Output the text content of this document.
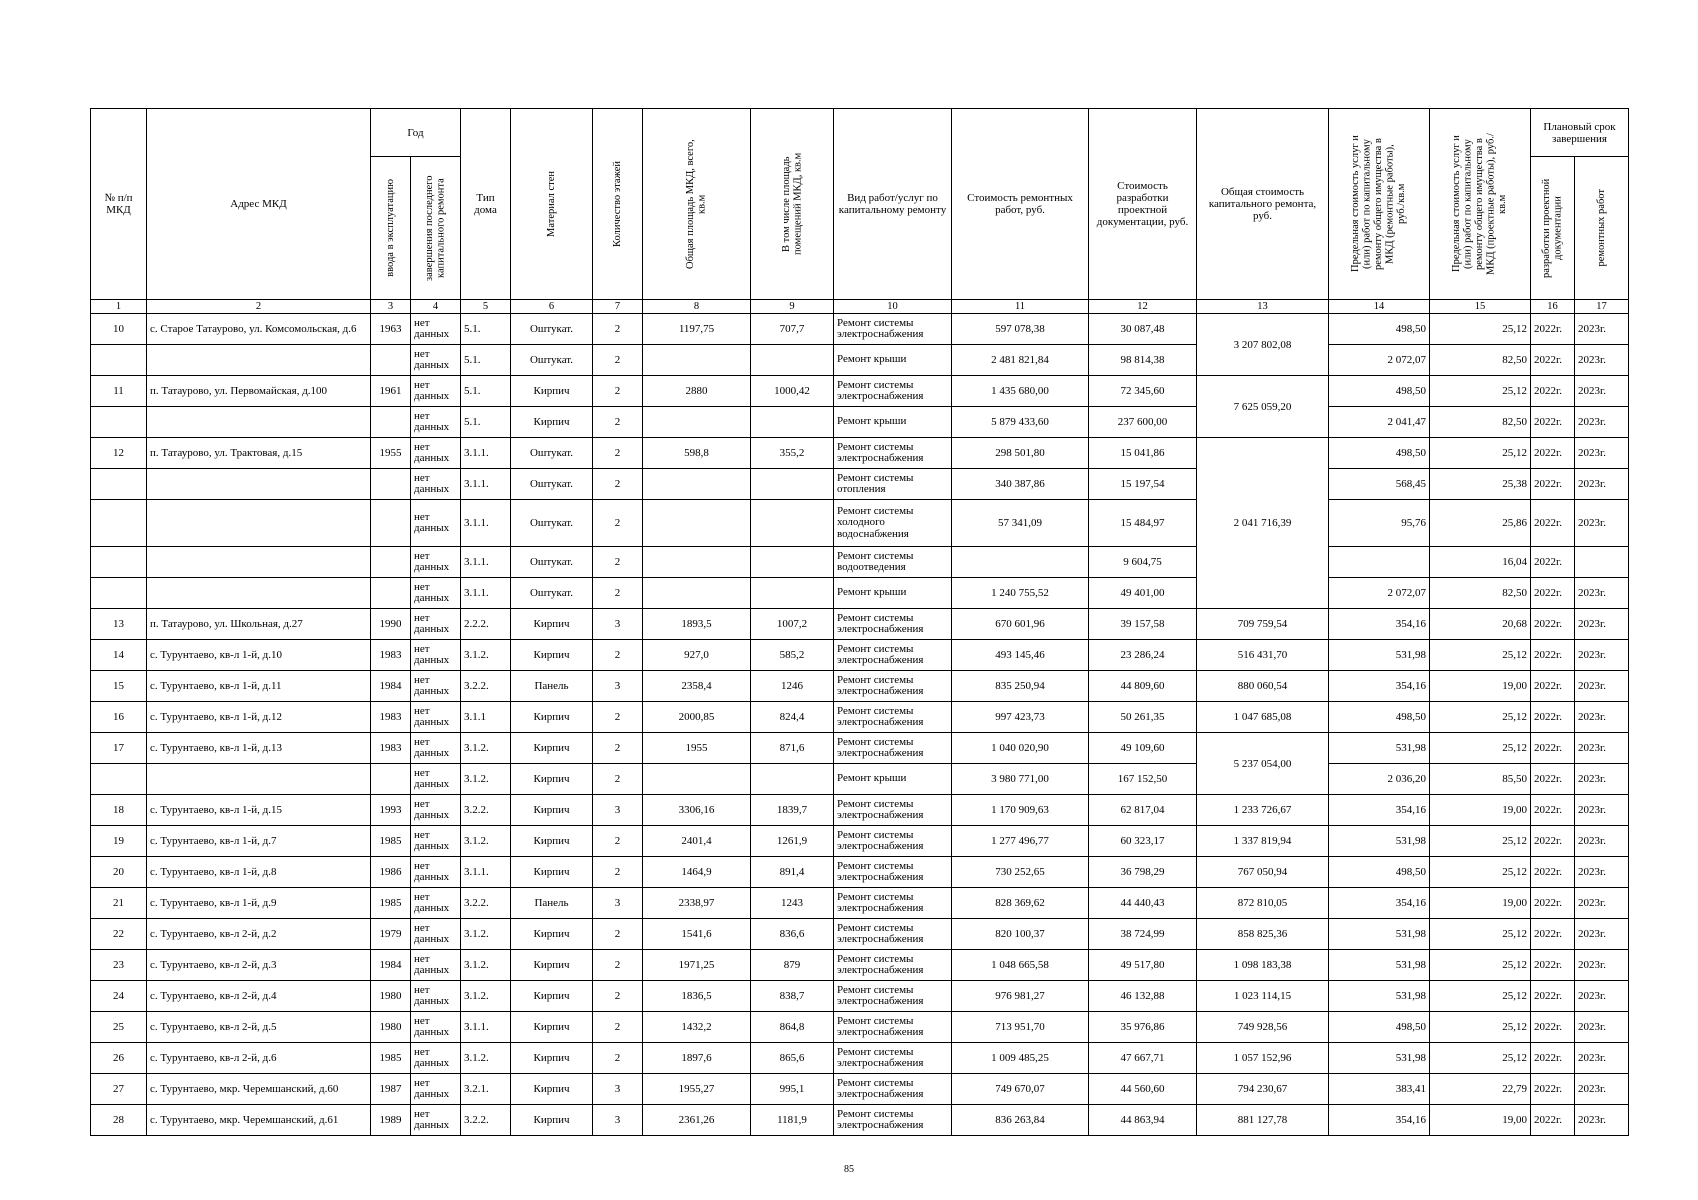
№ п/п МКД	Адрес МКД	Год		Тип дома	Материал стен	Количество этажей	Общая площадь МКД, всего, кв.м	В том числе площадь помещений МКД, кв.м	Вид работ/услуг по капитальному ремонту	Стоимость ремонтных работ, руб.	Стоимость разработки проектной документации, руб.	Общая стоимость капитального ремонта, руб.	Предельная стоимость услуг и (или) работ по капитальному ремонту общего имущества в МКД (ремонтные работы), руб./кв.м	Предельная стоимость услуг и (или) работ по капитальному ремонту общего имущества в МКД (проектные работы), руб./кв.м	Плановый срок завершения	

		ввода в эксплуатацию	завершения последнего капитального ремонта												разработки проектной документации	ремонтных работ

1	2	3	4	5	6	7	8	9	10	11	12	13	14	15	16	17
10	с. Старое Татаурово, ул. Комсомольская, д.6	1963	нет данных	5.1.	Оштукат.	2	1197,75	707,7	Ремонт системы электроснабжения	597 078,38	30 087,48	3 207 802,08	498,50	25,12	2022г.	2023г.
			нет данных	5.1.	Оштукат.	2			Ремонт крыши	2 481 821,84	98 814,38		2 072,07	82,50	2022г.	2023г.
11	п. Татаурово, ул. Первомайская, д.100	1961	нет данных	5.1.	Кирпич	2	2880	1000,42	Ремонт системы электроснабжения	1 435 680,00	72 345,60	7 625 059,20	498,50	25,12	2022г.	2023г.
			нет данных	5.1.	Кирпич	2			Ремонт крыши	5 879 433,60	237 600,00		2 041,47	82,50	2022г.	2023г.
12	п. Татаурово, ул. Трактовая, д.15	1955	нет данных	3.1.1.	Оштукат.	2	598,8	355,2	Ремонт системы электроснабжения	298 501,80	15 041,86	2 041 716,39	498,50	25,12	2022г.	2023г.
			нет данных	3.1.1.	Оштукат.	2			Ремонт системы отопления	340 387,86	15 197,54		568,45	25,38	2022г.	2023г.
			нет данных	3.1.1.	Оштукат.	2			Ремонт системы холодного водоснабжения	57 341,09	15 484,97		95,76	25,86	2022г.	2023г.
			нет данных	3.1.1.	Оштукат.	2			Ремонт системы водоотведения		9 604,75			16,04	2022г.	
			нет данных	3.1.1.	Оштукат.	2			Ремонт крыши	1 240 755,52	49 401,00		2 072,07	82,50	2022г.	2023г.
13	п. Татаурово, ул. Школьная, д.27	1990	нет данных	2.2.2.	Кирпич	3	1893,5	1007,2	Ремонт системы электроснабжения	670 601,96	39 157,58	709 759,54	354,16	20,68	2022г.	2023г.
14	с. Турунтаево, кв-л 1-й, д.10	1983	нет данных	3.1.2.	Кирпич	2	927,0	585,2	Ремонт системы электроснабжения	493 145,46	23 286,24	516 431,70	531,98	25,12	2022г.	2023г.
15	с. Турунтаево, кв-л 1-й, д.11	1984	нет данных	3.2.2.	Панель	3	2358,4	1246	Ремонт системы электроснабжения	835 250,94	44 809,60	880 060,54	354,16	19,00	2022г.	2023г.
16	с. Турунтаево, кв-л 1-й, д.12	1983	нет данных	3.1.1	Кирпич	2	2000,85	824,4	Ремонт системы электроснабжения	997 423,73	50 261,35	1 047 685,08	498,50	25,12	2022г.	2023г.
17	с. Турунтаево, кв-л 1-й, д.13	1983	нет данных	3.1.2.	Кирпич	2	1955	871,6	Ремонт системы электроснабжения	1 040 020,90	49 109,60	5 237 054,00	531,98	25,12	2022г.	2023г.
			нет данных	3.1.2.	Кирпич	2			Ремонт крыши	3 980 771,00	167 152,50		2 036,20	85,50	2022г.	2023г.
18	с. Турунтаево, кв-л 1-й, д.15	1993	нет данных	3.2.2.	Кирпич	3	3306,16	1839,7	Ремонт системы электроснабжения	1 170 909,63	62 817,04	1 233 726,67	354,16	19,00	2022г.	2023г.
19	с. Турунтаево, кв-л 1-й, д.7	1985	нет данных	3.1.2.	Кирпич	2	2401,4	1261,9	Ремонт системы электроснабжения	1 277 496,77	60 323,17	1 337 819,94	531,98	25,12	2022г.	2023г.
20	с. Турунтаево, кв-л 1-й, д.8	1986	нет данных	3.1.1.	Кирпич	2	1464,9	891,4	Ремонт системы электроснабжения	730 252,65	36 798,29	767 050,94	498,50	25,12	2022г.	2023г.
21	с. Турунтаево, кв-л 1-й, д.9	1985	нет данных	3.2.2.	Панель	3	2338,97	1243	Ремонт системы электроснабжения	828 369,62	44 440,43	872 810,05	354,16	19,00	2022г.	2023г.
22	с. Турунтаево, кв-л 2-й, д.2	1979	нет данных	3.1.2.	Кирпич	2	1541,6	836,6	Ремонт системы электроснабжения	820 100,37	38 724,99	858 825,36	531,98	25,12	2022г.	2023г.
23	с. Турунтаево, кв-л 2-й, д.3	1984	нет данных	3.1.2.	Кирпич	2	1971,25	879	Ремонт системы электроснабжения	1 048 665,58	49 517,80	1 098 183,38	531,98	25,12	2022г.	2023г.
24	с. Турунтаево, кв-л 2-й, д.4	1980	нет данных	3.1.2.	Кирпич	2	1836,5	838,7	Ремонт системы электроснабжения	976 981,27	46 132,88	1 023 114,15	531,98	25,12	2022г.	2023г.
25	с. Турунтаево, кв-л 2-й, д.5	1980	нет данных	3.1.1.	Кирпич	2	1432,2	864,8	Ремонт системы электроснабжения	713 951,70	35 976,86	749 928,56	498,50	25,12	2022г.	2023г.
26	с. Турунтаево, кв-л 2-й, д.6	1985	нет данных	3.1.2.	Кирпич	2	1897,6	865,6	Ремонт системы электроснабжения	1 009 485,25	47 667,71	1 057 152,96	531,98	25,12	2022г.	2023г.
27	с. Турунтаево, мкр. Черемшанский, д.60	1987	нет данных	3.2.1.	Кирпич	3	1955,27	995,1	Ремонт системы электроснабжения	749 670,07	44 560,60	794 230,67	383,41	22,79	2022г.	2023г.
28	с. Турунтаево, мкр. Черемшанский, д.61	1989	нет данных	3.2.2.	Кирпич	3	2361,26	1181,9	Ремонт системы электроснабжения	836 263,84	44 863,94	881 127,78	354,16	19,00	2022г.	2023г.
85
